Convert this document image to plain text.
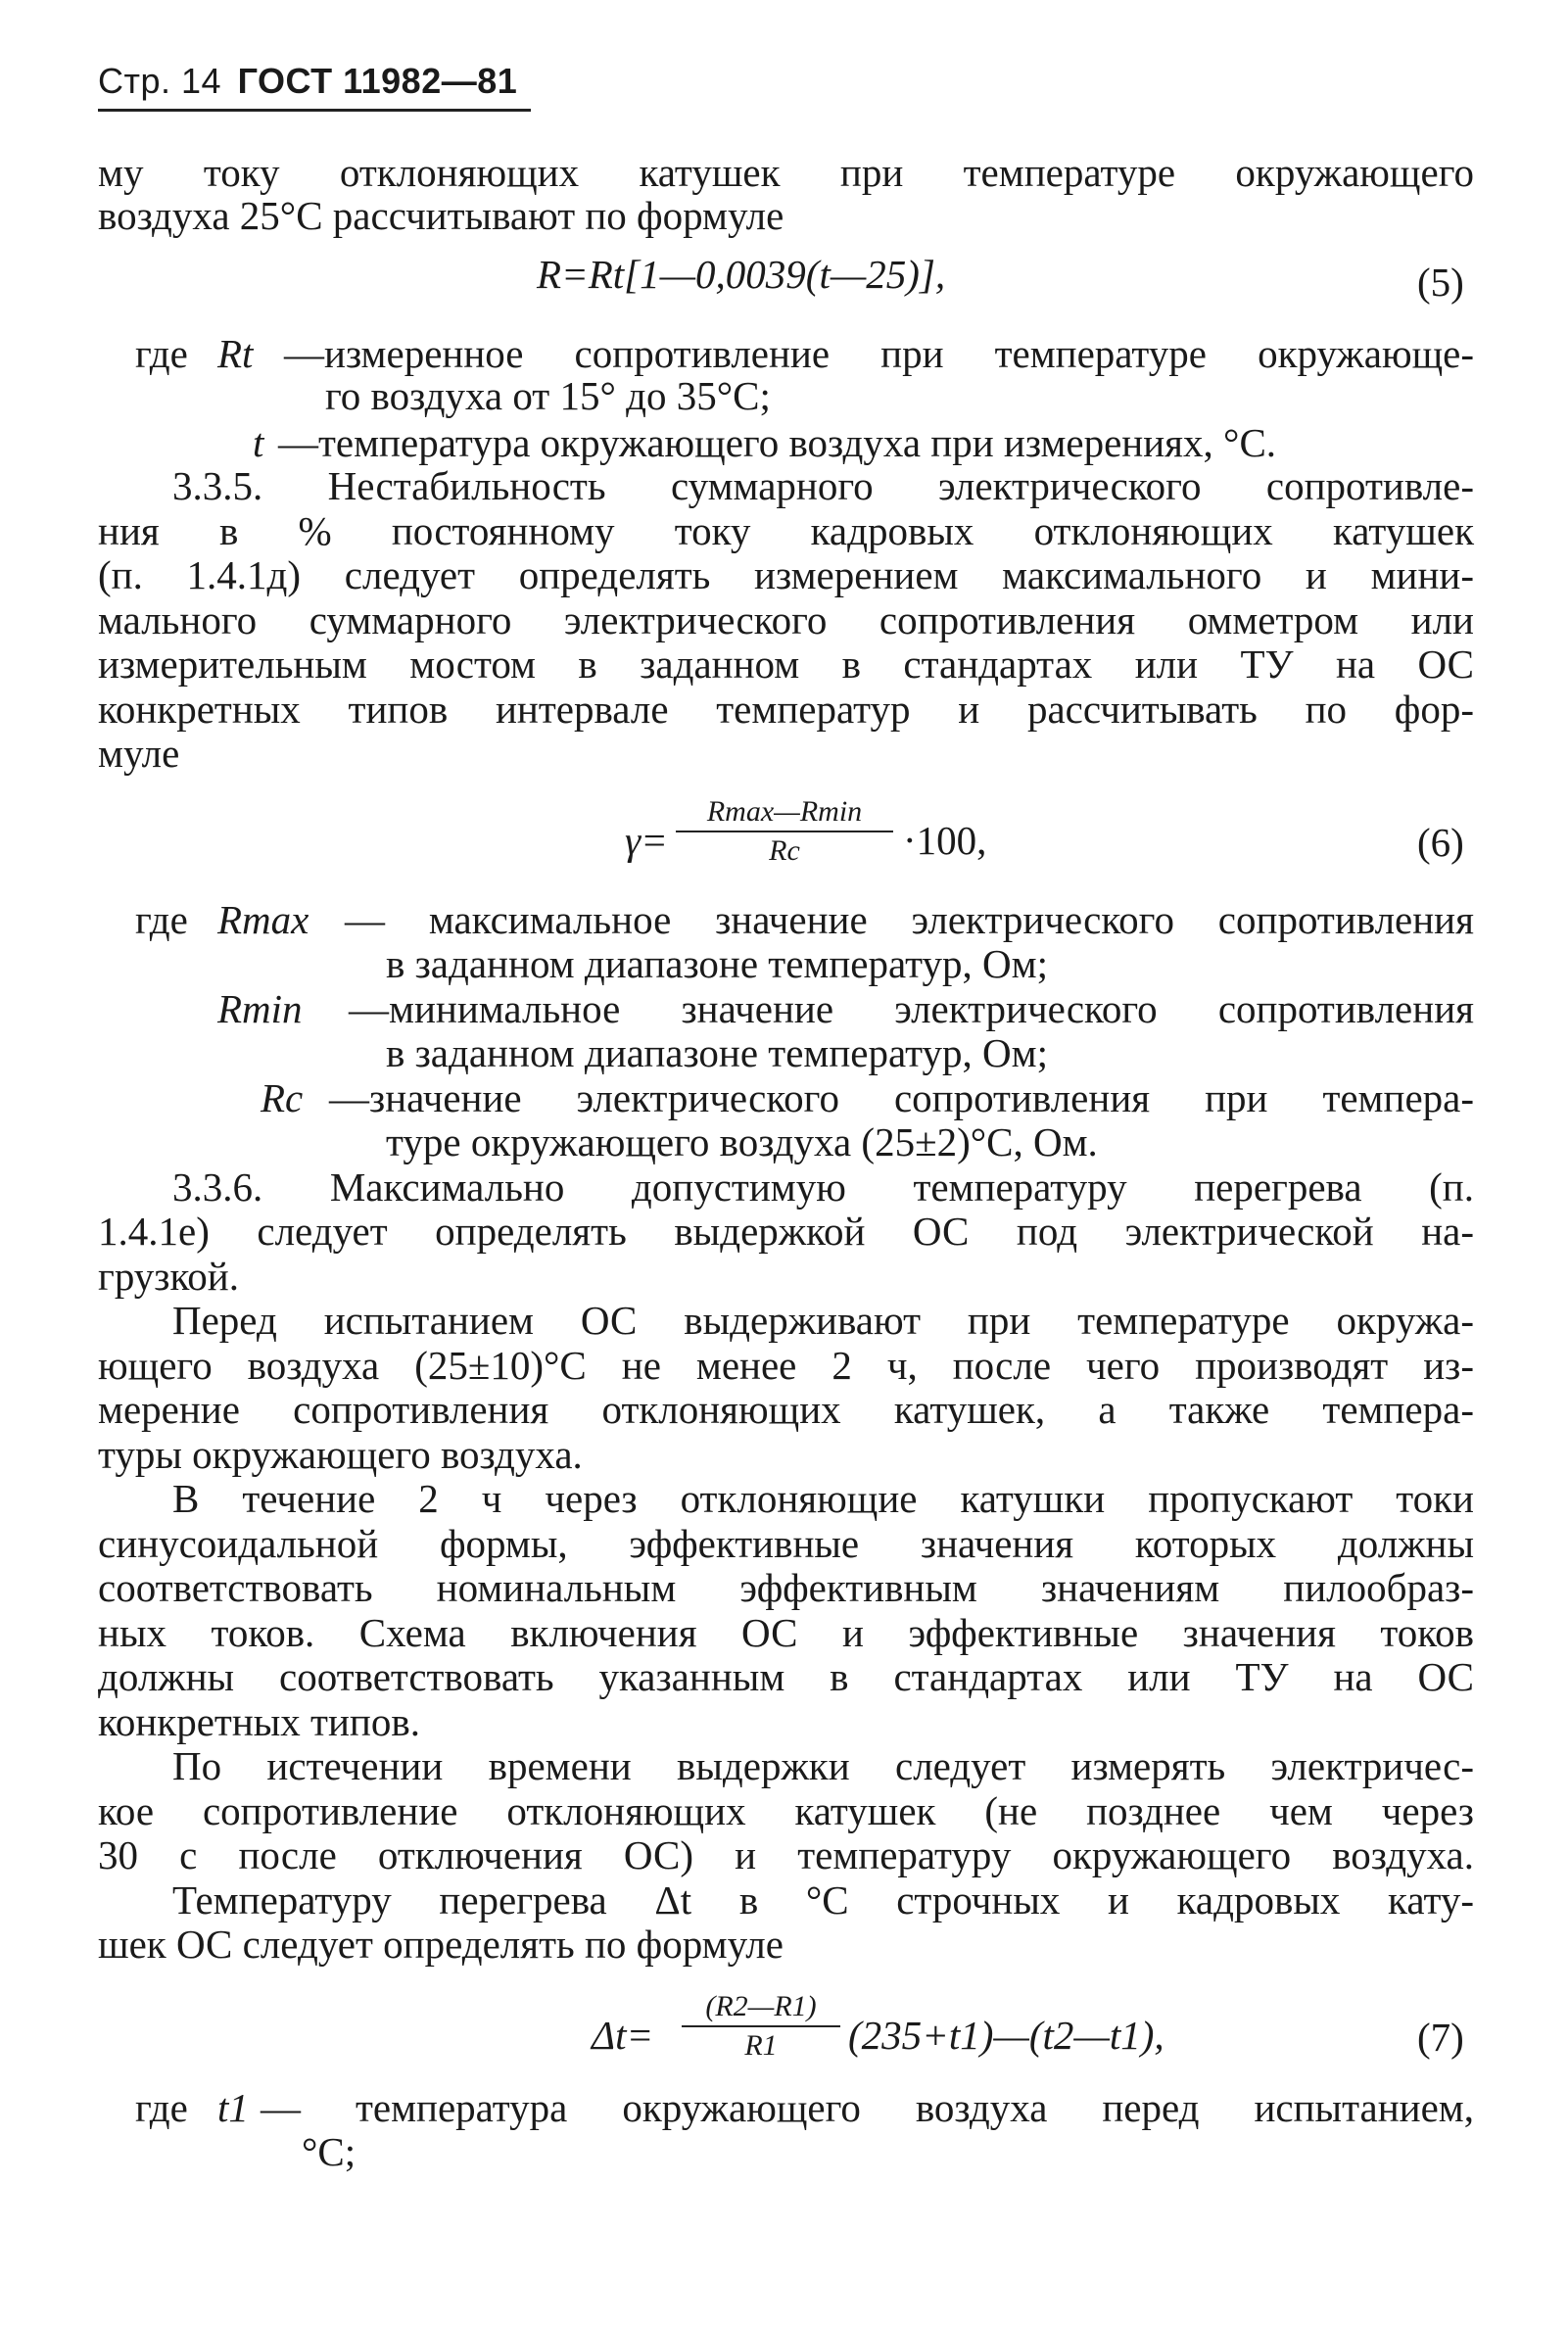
Стр. 14 ГОСТ 11982—81
му току отклоняющих катушек при температуре окружающего
воздуха 25°С рассчитывают по формуле
R=Rt[1—0,0039(t—25)],	(5)
где Rt —измеренное сопротивление при температуре окружающе-
го воздуха от 15° до 35°С;
t —температура окружающего воздуха при измерениях, °С.
3.3.5. Нестабильность суммарного электрического сопротивле-
ния в % постоянному току кадровых отклоняющих катушек
(п. 1.4.1д) следует определять измерением максимального и мини-
мального суммарного электрического сопротивления омметром или
измерительным мостом в заданном в стандартах или ТУ на ОС
конкретных типов интервале температур и рассчитывать по фор-
муле
γ=
Rmax—Rmin
Rc	·100,	(6)
где Rmax — максимальное значение электрического сопротивления
в заданном диапазоне температур, Ом;
Rmin —минимальное значение электрического сопротивления
в заданном диапазоне температур, Ом;
Rc —значение электрического сопротивления при темпера-
туре окружающего воздуха (25±2)°С, Ом.
3.3.6. Максимально допустимую температуру перегрева (п.
1.4.1е) следует определять выдержкой ОС под электрической на-
грузкой.
Перед испытанием ОС выдерживают при температуре окружа-
ющего воздуха (25±10)°С не менее 2 ч, после чего производят из-
мерение сопротивления отклоняющих катушек, а также темпера-
туры окружающего воздуха.
В течение 2 ч через отклоняющие катушки пропускают токи
синусоидальной формы, эффективные значения которых должны
соответствовать номинальным эффективным значениям пилообраз-
ных токов. Схема включения ОС и эффективные значения токов
должны соответствовать указанным в стандартах или ТУ на ОС
конкретных типов.
По истечении времени выдержки следует измерять электричес-
кое сопротивление отклоняющих катушек (не позднее чем через
30 с после отключения ОС) и температуру окружающего воздуха.
Температуру перегрева Δt в °С строчных и кадровых кату-
шек ОС следует определять по формуле
$\Delta t= \frac{(R2—R1)}{R1}$ (235+t1)—(t2—t1),	(7)
где t1 — температура окружающего воздуха перед испытанием,
°С;
